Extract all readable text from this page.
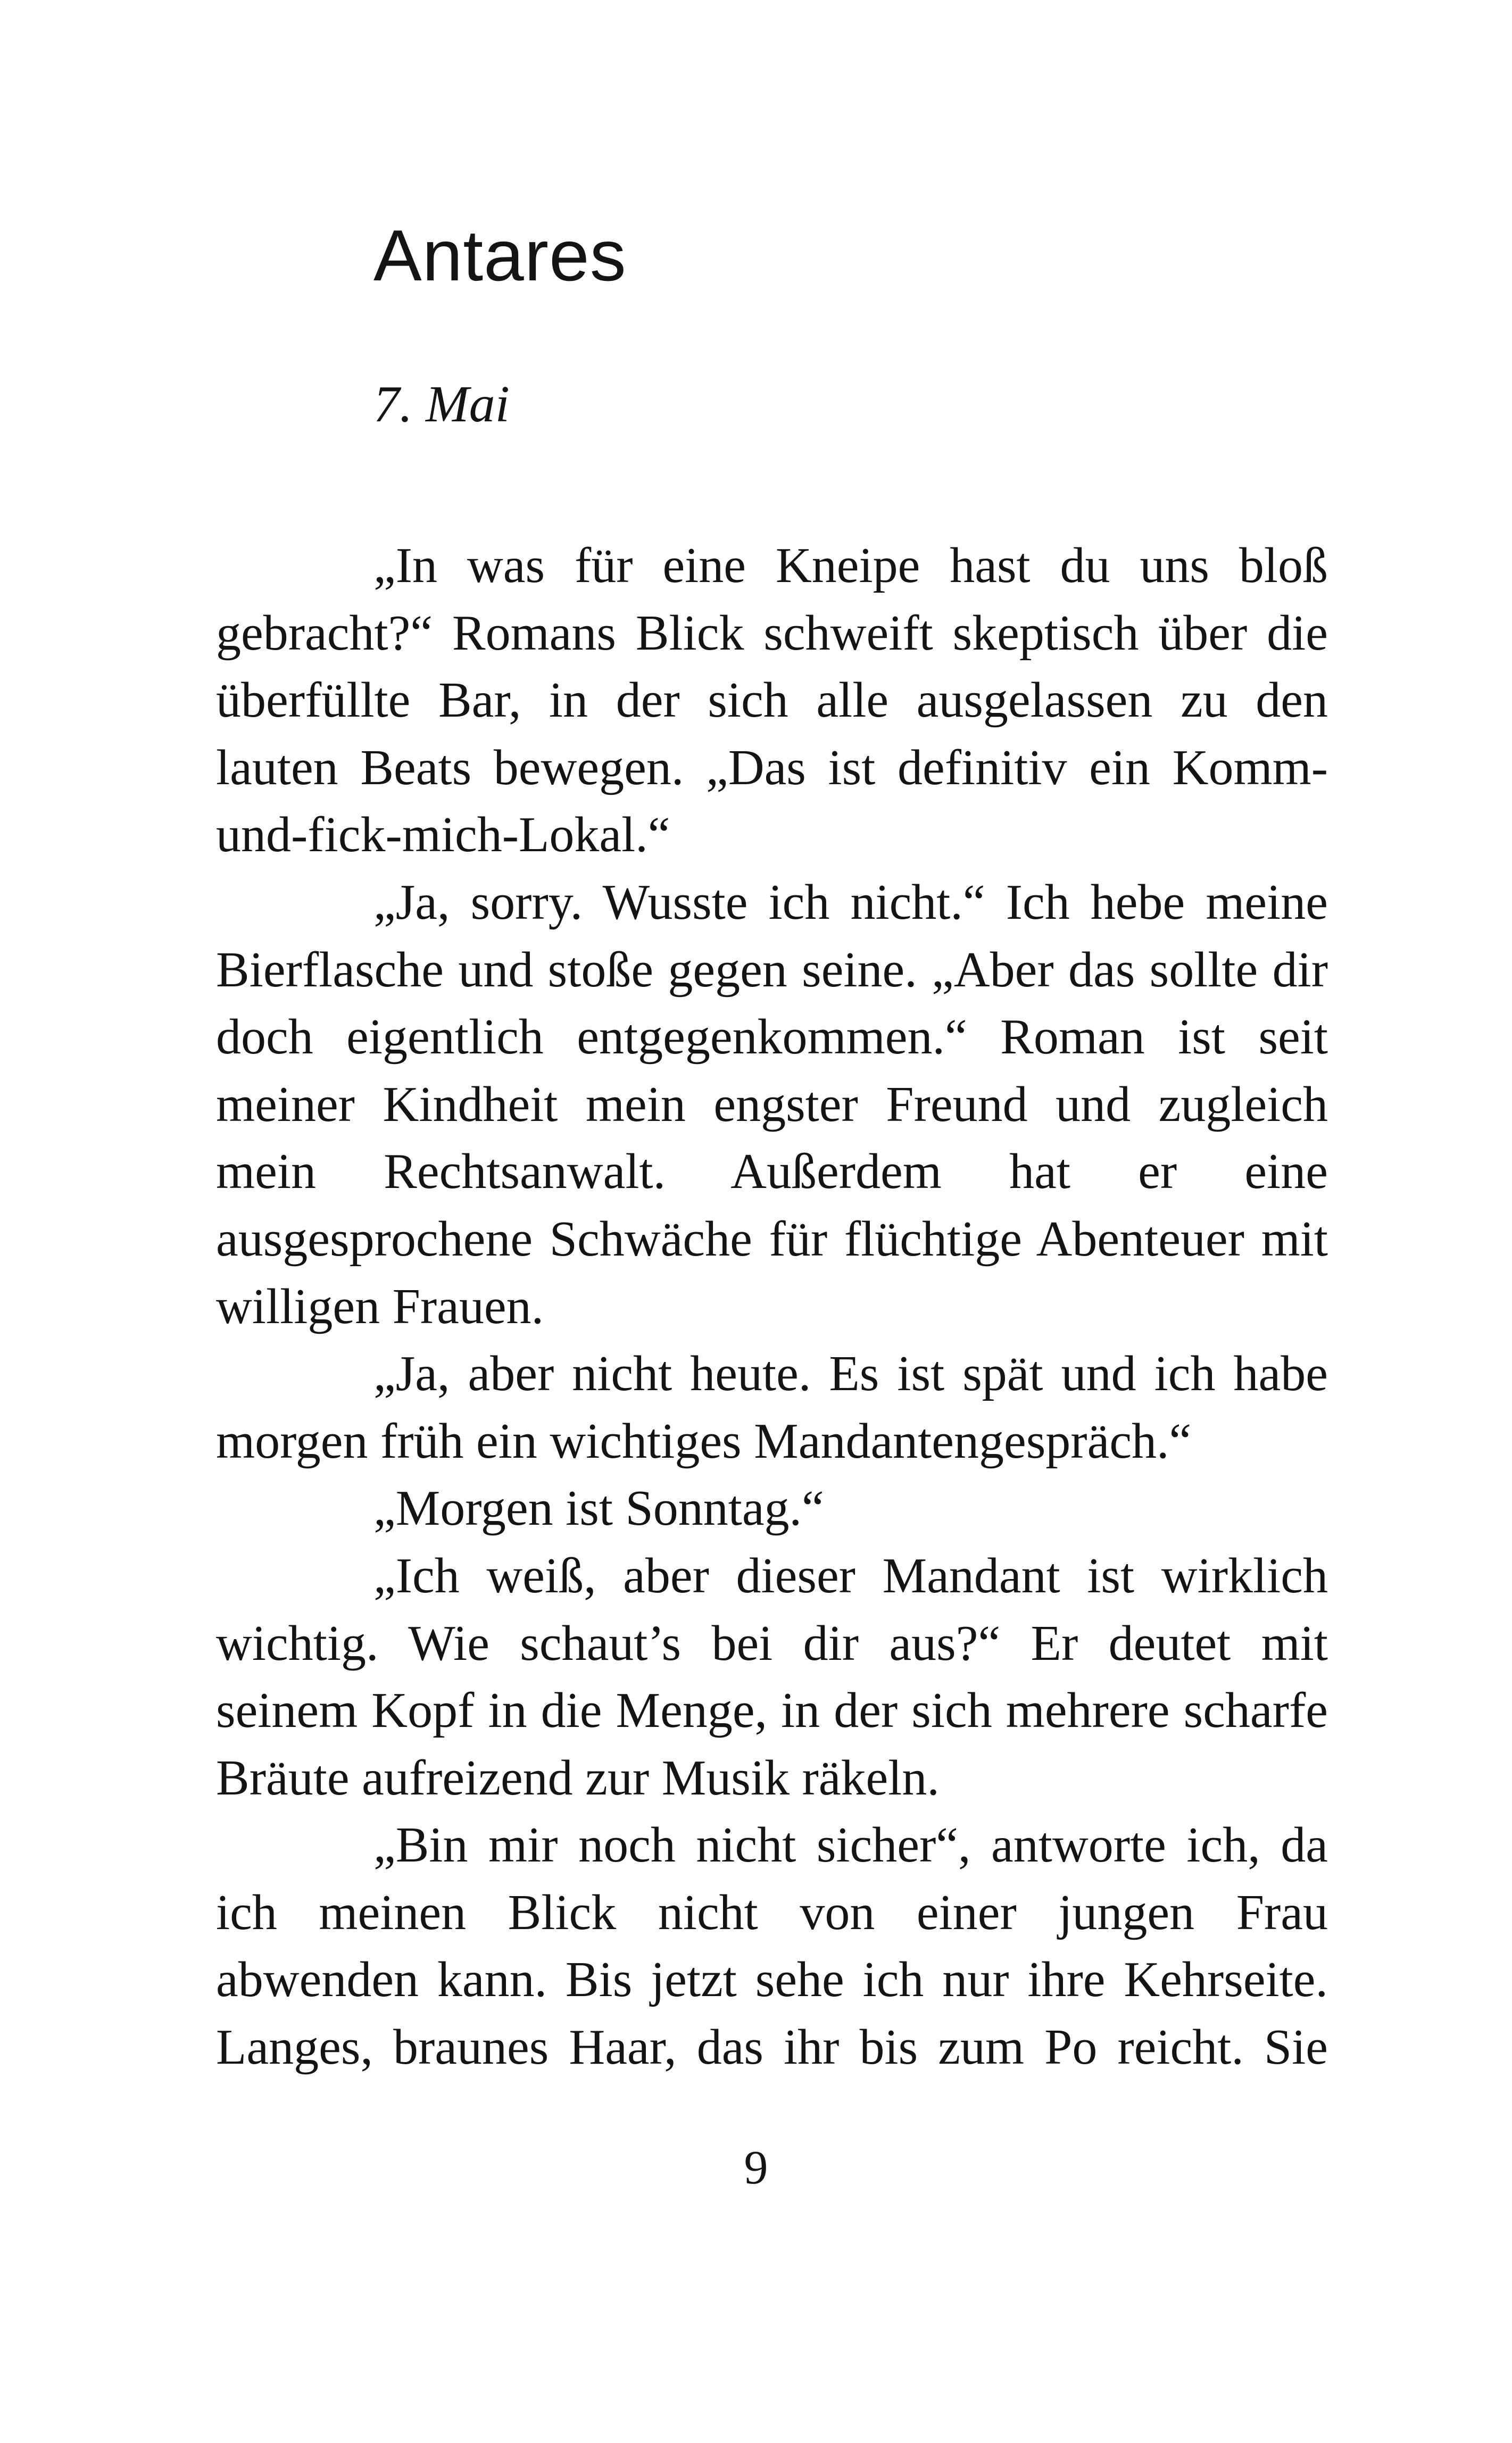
Antares
7. Mai

„In was für eine Kneipe hast du uns bloß gebracht?“ Romans Blick schweift skeptisch über die überfüllte Bar, in der sich alle ausgelassen zu den lauten Beats bewegen. „Das ist definitiv ein Komm-und-fick-mich-Lokal.“

„Ja, sorry. Wusste ich nicht.“ Ich hebe meine Bierflasche und stoße gegen seine. „Aber das sollte dir doch eigentlich entgegenkommen.“ Roman ist seit meiner Kindheit mein engster Freund und zugleich mein Rechtsanwalt. Außerdem hat er eine ausgesprochene Schwäche für flüchtige Abenteuer mit willigen Frauen.

„Ja, aber nicht heute. Es ist spät und ich habe morgen früh ein wichtiges Mandantengespräch.“

„Morgen ist Sonntag.“

„Ich weiß, aber dieser Mandant ist wirklich wichtig. Wie schaut’s bei dir aus?“ Er deutet mit seinem Kopf in die Menge, in der sich mehrere scharfe Bräute aufreizend zur Musik räkeln.

„Bin mir noch nicht sicher“, antworte ich, da ich meinen Blick nicht von einer jungen Frau abwenden kann. Bis jetzt sehe ich nur ihre Kehrseite. Langes, braunes Haar, das ihr bis zum Po reicht. Sie

9
